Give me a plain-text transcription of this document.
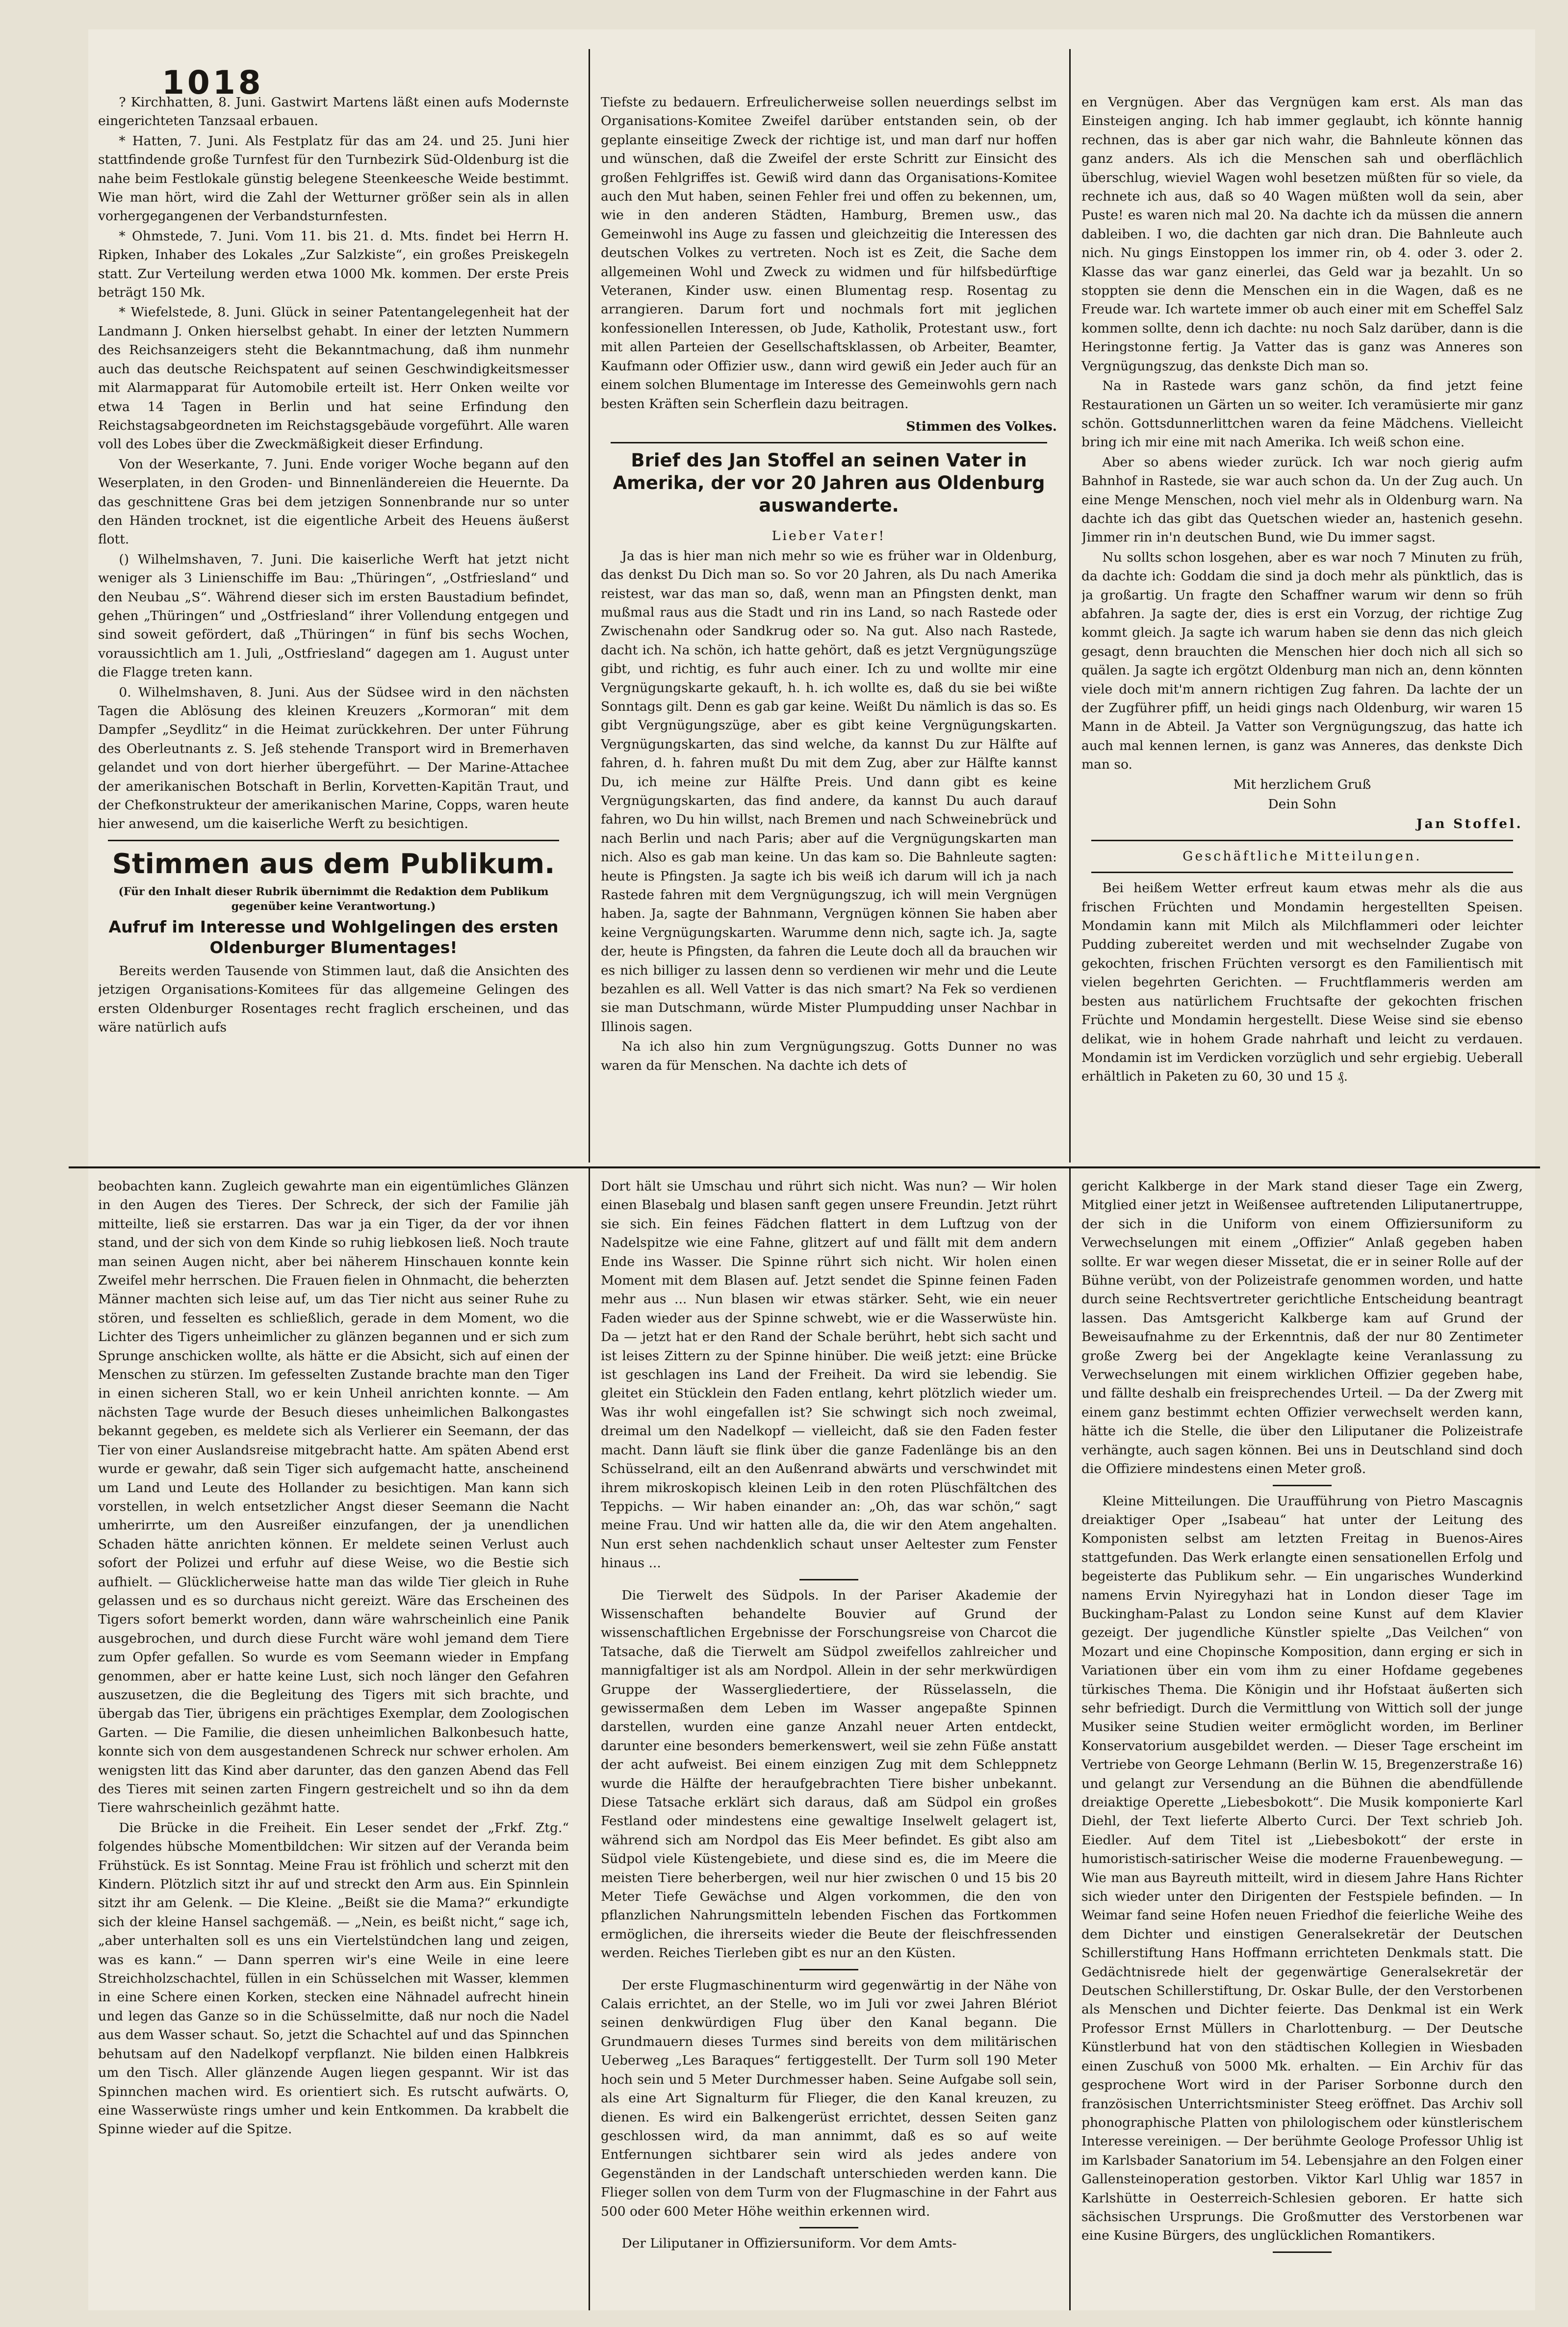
1018

? Kirchhatten, 8. Juni. Gastwirt Martens läßt einen aufs Modernste eingerichteten Tanzsaal erbauen.

* Hatten, 7. Juni. Als Festplatz für das am 24. und 25. Juni hier stattfindende große Turnfest für den Turnbezirk Süd-Oldenburg ist die nahe beim Festlokale günstig belegene Steenkeesche Weide bestimmt. Wie man hört, wird die Zahl der Wetturner größer sein als in allen vorhergegangenen der Verbandsturnfesten.

* Ohmstede, 7. Juni. Vom 11. bis 21. d. Mts. findet bei Herrn H. Ripken, Inhaber des Lokales „Zur Salzkiste“, ein großes Preiskegeln statt. Zur Verteilung werden etwa 1000 Mk. kommen. Der erste Preis beträgt 150 Mk.

* Wiefelstede, 8. Juni. Glück in seiner Patentangelegenheit hat der Landmann J. Onken hierselbst gehabt. In einer der letzten Nummern des Reichsanzeigers steht die Bekanntmachung, daß ihm nunmehr auch das deutsche Reichspatent auf seinen Geschwindigkeitsmesser mit Alarmapparat für Automobile erteilt ist. Herr Onken weilte vor etwa 14 Tagen in Berlin und hat seine Erfindung den Reichstagsabgeordneten im Reichstagsgebäude vorgeführt. Alle waren voll des Lobes über die Zweckmäßigkeit dieser Erfindung.

Von der Weserkante, 7. Juni. Ende voriger Woche begann auf den Weserplaten, in den Groden- und Binnenländereien die Heuernte. Da das geschnittene Gras bei dem jetzigen Sonnenbrande nur so unter den Händen trocknet, ist die eigentliche Arbeit des Heuens äußerst flott.

() Wilhelmshaven, 7. Juni. Die kaiserliche Werft hat jetzt nicht weniger als 3 Linienschiffe im Bau: „Thüringen“, „Ostfriesland“ und den Neubau „S“. Während dieser sich im ersten Baustadium befindet, gehen „Thüringen“ und „Ostfriesland“ ihrer Vollendung entgegen und sind soweit gefördert, daß „Thüringen“ in fünf bis sechs Wochen, voraussichtlich am 1. Juli, „Ostfriesland“ dagegen am 1. August unter die Flagge treten kann.

0. Wilhelmshaven, 8. Juni. Aus der Südsee wird in den nächsten Tagen die Ablösung des kleinen Kreuzers „Kormoran“ mit dem Dampfer „Seydlitz“ in die Heimat zurückkehren. Der unter Führung des Oberleutnants z. S. Jeß stehende Transport wird in Bremerhaven gelandet und von dort hierher übergeführt. — Der Marine-Attachee der amerikanischen Botschaft in Berlin, Korvetten-Kapitän Traut, und der Chefkonstrukteur der amerikanischen Marine, Copps, waren heute hier anwesend, um die kaiserliche Werft zu besichtigen.

Stimmen aus dem Publikum.
(Für den Inhalt dieser Rubrik übernimmt die Redaktion dem Publikum gegenüber keine Verantwortung.)
Aufruf im Interesse und Wohlgelingen des ersten Oldenburger Blumentages!

Bereits werden Tausende von Stimmen laut, daß die Ansichten des jetzigen Organisations-Komitees für das allgemeine Gelingen des ersten Oldenburger Rosentages recht fraglich erscheinen, und das wäre natürlich aufs

Tiefste zu bedauern. Erfreulicherweise sollen neuerdings selbst im Organisations-Komitee Zweifel darüber entstanden sein, ob der geplante einseitige Zweck der richtige ist, und man darf nur hoffen und wünschen, daß die Zweifel der erste Schritt zur Einsicht des großen Fehlgriffes ist. Gewiß wird dann das Organisations-Komitee auch den Mut haben, seinen Fehler frei und offen zu bekennen, um, wie in den anderen Städten, Hamburg, Bremen usw., das Gemeinwohl ins Auge zu fassen und gleichzeitig die Interessen des deutschen Volkes zu vertreten. Noch ist es Zeit, die Sache dem allgemeinen Wohl und Zweck zu widmen und für hilfsbedürftige Veteranen, Kinder usw. einen Blumentag resp. Rosentag zu arrangieren. Darum fort und nochmals fort mit jeglichen konfessionellen Interessen, ob Jude, Katholik, Protestant usw., fort mit allen Parteien der Gesellschaftsklassen, ob Arbeiter, Beamter, Kaufmann oder Offizier usw., dann wird gewiß ein Jeder auch für an einem solchen Blumentage im Interesse des Gemeinwohls gern nach besten Kräften sein Scherflein dazu beitragen.

Stimmen des Volkes.
Brief des Jan Stoffel an seinen Vater in Amerika, der vor 20 Jahren aus Oldenburg auswanderte.

Lieber Vater!

Ja das is hier man nich mehr so wie es früher war in Oldenburg, das denkst Du Dich man so. So vor 20 Jahren, als Du nach Amerika reistest, war das man so, daß, wenn man an Pfingsten denkt, man mußmal raus aus die Stadt und rin ins Land, so nach Rastede oder Zwischenahn oder Sandkrug oder so. Na gut. Also nach Rastede, dacht ich. Na schön, ich hatte gehört, daß es jetzt Vergnügungszüge gibt, und richtig, es fuhr auch einer. Ich zu und wollte mir eine Vergnügungskarte gekauft, h. h. ich wollte es, daß du sie bei wißte Sonntags gilt. Denn es gab gar keine. Weißt Du nämlich is das so. Es gibt Vergnügungszüge, aber es gibt keine Vergnügungskarten. Vergnügungskarten, das sind welche, da kannst Du zur Hälfte auf fahren, d. h. fahren mußt Du mit dem Zug, aber zur Hälfte kannst Du, ich meine zur Hälfte Preis. Und dann gibt es keine Vergnügungskarten, das find andere, da kannst Du auch darauf fahren, wo Du hin willst, nach Bremen und nach Schweinebrück und nach Berlin und nach Paris; aber auf die Vergnügungskarten man nich. Also es gab man keine. Un das kam so. Die Bahnleute sagten: heute is Pfingsten. Ja sagte ich bis weiß ich darum will ich ja nach Rastede fahren mit dem Vergnügungszug, ich will mein Vergnügen haben. Ja, sagte der Bahnmann, Vergnügen können Sie haben aber keine Vergnügungskarten. Warumme denn nich, sagte ich. Ja, sagte der, heute is Pfingsten, da fahren die Leute doch all da brauchen wir es nich billiger zu lassen denn so verdienen wir mehr und die Leute bezahlen es all. Well Vatter is das nich smart? Na Fek so verdienen sie man Dutschmann, würde Mister Plumpudding unser Nachbar in Illinois sagen.

Na ich also hin zum Vergnügungszug. Gotts Dunner no was waren da für Menschen. Na dachte ich dets of

en Vergnügen. Aber das Vergnügen kam erst. Als man das Einsteigen anging. Ich hab immer geglaubt, ich könnte hannig rechnen, das is aber gar nich wahr, die Bahnleute können das ganz anders. Als ich die Menschen sah und oberflächlich überschlug, wieviel Wagen wohl besetzen müßten für so viele, da rechnete ich aus, daß so 40 Wagen müßten woll da sein, aber Puste! es waren nich mal 20. Na dachte ich da müssen die annern dableiben. I wo, die dachten gar nich dran. Die Bahnleute auch nich. Nu gings Einstoppen los immer rin, ob 4. oder 3. oder 2. Klasse das war ganz einerlei, das Geld war ja bezahlt. Un so stoppten sie denn die Menschen ein in die Wagen, daß es ne Freude war. Ich wartete immer ob auch einer mit em Scheffel Salz kommen sollte, denn ich dachte: nu noch Salz darüber, dann is die Heringstonne fertig. Ja Vatter das is ganz was Anneres son Vergnügungszug, das denkste Dich man so.

Na in Rastede wars ganz schön, da find jetzt feine Restaurationen un Gärten un so weiter. Ich veramüsierte mir ganz schön. Gottsdunnerlittchen waren da feine Mädchens. Vielleicht bring ich mir eine mit nach Amerika. Ich weiß schon eine.

Aber so abens wieder zurück. Ich war noch gierig aufm Bahnhof in Rastede, sie war auch schon da. Un der Zug auch. Un eine Menge Menschen, noch viel mehr als in Oldenburg warn. Na dachte ich das gibt das Quetschen wieder an, hastenich gesehn. Jimmer rin in'n deutschen Bund, wie Du immer sagst.

Nu sollts schon losgehen, aber es war noch 7 Minuten zu früh, da dachte ich: Goddam die sind ja doch mehr als pünktlich, das is ja großartig. Un fragte den Schaffner warum wir denn so früh abfahren. Ja sagte der, dies is erst ein Vorzug, der richtige Zug kommt gleich. Ja sagte ich warum haben sie denn das nich gleich gesagt, denn brauchten die Menschen hier doch nich all sich so quälen. Ja sagte ich ergötzt Oldenburg man nich an, denn könnten viele doch mit'm annern richtigen Zug fahren. Da lachte der un der Zugführer pfiff, un heidi gings nach Oldenburg, wir waren 15 Mann in de Abteil. Ja Vatter son Vergnügungszug, das hatte ich auch mal kennen lernen, is ganz was Anneres, das denkste Dich man so.

Mit herzlichem Gruß

Dein Sohn

Jan Stoffel.

Geschäftliche Mitteilungen.

Bei heißem Wetter erfreut kaum etwas mehr als die aus frischen Früchten und Mondamin hergestellten Speisen. Mondamin kann mit Milch als Milchflammeri oder leichter Pudding zubereitet werden und mit wechselnder Zugabe von gekochten, frischen Früchten versorgt es den Familientisch mit vielen begehrten Gerichten. — Fruchtflammeris werden am besten aus natürlichem Fruchtsafte der gekochten frischen Früchte und Mondamin hergestellt. Diese Weise sind sie ebenso delikat, wie in hohem Grade nahrhaft und leicht zu verdauen. Mondamin ist im Verdicken vorzüglich und sehr ergiebig. Ueberall erhältlich in Paketen zu 60, 30 und 15 ₰.

beobachten kann. Zugleich gewahrte man ein eigentümliches Glänzen in den Augen des Tieres. Der Schreck, der sich der Familie jäh mitteilte, ließ sie erstarren. Das war ja ein Tiger, da der vor ihnen stand, und der sich von dem Kinde so ruhig liebkosen ließ. Noch traute man seinen Augen nicht, aber bei näherem Hinschauen konnte kein Zweifel mehr herrschen. Die Frauen fielen in Ohnmacht, die beherzten Männer machten sich leise auf, um das Tier nicht aus seiner Ruhe zu stören, und fesselten es schließlich, gerade in dem Moment, wo die Lichter des Tigers unheimlicher zu glänzen begannen und er sich zum Sprunge anschicken wollte, als hätte er die Absicht, sich auf einen der Menschen zu stürzen. Im gefesselten Zustande brachte man den Tiger in einen sicheren Stall, wo er kein Unheil anrichten konnte. — Am nächsten Tage wurde der Besuch dieses unheimlichen Balkongastes bekannt gegeben, es meldete sich als Verlierer ein Seemann, der das Tier von einer Auslandsreise mitgebracht hatte. Am späten Abend erst wurde er gewahr, daß sein Tiger sich aufgemacht hatte, anscheinend um Land und Leute des Hollander zu besichtigen. Man kann sich vorstellen, in welch entsetzlicher Angst dieser Seemann die Nacht umherirrte, um den Ausreißer einzufangen, der ja unendlichen Schaden hätte anrichten können. Er meldete seinen Verlust auch sofort der Polizei und erfuhr auf diese Weise, wo die Bestie sich aufhielt. — Glücklicherweise hatte man das wilde Tier gleich in Ruhe gelassen und es so durchaus nicht gereizt. Wäre das Erscheinen des Tigers sofort bemerkt worden, dann wäre wahrscheinlich eine Panik ausgebrochen, und durch diese Furcht wäre wohl jemand dem Tiere zum Opfer gefallen. So wurde es vom Seemann wieder in Empfang genommen, aber er hatte keine Lust, sich noch länger den Gefahren auszusetzen, die die Begleitung des Tigers mit sich brachte, und übergab das Tier, übrigens ein prächtiges Exemplar, dem Zoologischen Garten. — Die Familie, die diesen unheimlichen Balkonbesuch hatte, konnte sich von dem ausgestandenen Schreck nur schwer erholen. Am wenigsten litt das Kind aber darunter, das den ganzen Abend das Fell des Tieres mit seinen zarten Fingern gestreichelt und so ihn da dem Tiere wahrscheinlich gezähmt hatte.

Die Brücke in die Freiheit. Ein Leser sendet der „Frkf. Ztg.“ folgendes hübsche Momentbildchen: Wir sitzen auf der Veranda beim Frühstück. Es ist Sonntag. Meine Frau ist fröhlich und scherzt mit den Kindern. Plötzlich sitzt ihr auf und streckt den Arm aus. Ein Spinnlein sitzt ihr am Gelenk. — Die Kleine. „Beißt sie die Mama?“ erkundigte sich der kleine Hansel sachgemäß. — „Nein, es beißt nicht,“ sage ich, „aber unterhalten soll es uns ein Viertelstündchen lang und zeigen, was es kann.“ — Dann sperren wir's eine Weile in eine leere Streichholzschachtel, füllen in ein Schüsselchen mit Wasser, klemmen in eine Schere einen Korken, stecken eine Nähnadel aufrecht hinein und legen das Ganze so in die Schüsselmitte, daß nur noch die Nadel aus dem Wasser schaut. So, jetzt die Schachtel auf und das Spinnchen behutsam auf den Nadelkopf verpflanzt. Nie bilden einen Halbkreis um den Tisch. Aller glänzende Augen liegen gespannt. Wir ist das Spinnchen machen wird. Es orientiert sich. Es rutscht aufwärts. O, eine Wasserwüste rings umher und kein Entkommen. Da krabbelt die Spinne wieder auf die Spitze.

Dort hält sie Umschau und rührt sich nicht. Was nun? — Wir holen einen Blasebalg und blasen sanft gegen unsere Freundin. Jetzt rührt sie sich. Ein feines Fädchen flattert in dem Luftzug von der Nadelspitze wie eine Fahne, glitzert auf und fällt mit dem andern Ende ins Wasser. Die Spinne rührt sich nicht. Wir holen einen Moment mit dem Blasen auf. Jetzt sendet die Spinne feinen Faden mehr aus ... Nun blasen wir etwas stärker. Seht, wie ein neuer Faden wieder aus der Spinne schwebt, wie er die Wasserwüste hin. Da — jetzt hat er den Rand der Schale berührt, hebt sich sacht und ist leises Zittern zu der Spinne hinüber. Die weiß jetzt: eine Brücke ist geschlagen ins Land der Freiheit. Da wird sie lebendig. Sie gleitet ein Stücklein den Faden entlang, kehrt plötzlich wieder um. Was ihr wohl eingefallen ist? Sie schwingt sich noch zweimal, dreimal um den Nadelkopf — vielleicht, daß sie den Faden fester macht. Dann läuft sie flink über die ganze Fadenlänge bis an den Schüsselrand, eilt an den Außenrand abwärts und verschwindet mit ihrem mikroskopisch kleinen Leib in den roten Plüschfältchen des Teppichs. — Wir haben einander an: „Oh, das war schön,“ sagt meine Frau. Und wir hatten alle da, die wir den Atem angehalten. Nun erst sehen nachdenklich schaut unser Aeltester zum Fenster hinaus ...

Die Tierwelt des Südpols. In der Pariser Akademie der Wissenschaften behandelte Bouvier auf Grund der wissenschaftlichen Ergebnisse der Forschungsreise von Charcot die Tatsache, daß die Tierwelt am Südpol zweifellos zahlreicher und mannigfaltiger ist als am Nordpol. Allein in der sehr merkwürdigen Gruppe der Wassergliedertiere, der Rüsselasseln, die gewissermaßen dem Leben im Wasser angepaßte Spinnen darstellen, wurden eine ganze Anzahl neuer Arten entdeckt, darunter eine besonders bemerkenswert, weil sie zehn Füße anstatt der acht aufweist. Bei einem einzigen Zug mit dem Schleppnetz wurde die Hälfte der heraufgebrachten Tiere bisher unbekannt. Diese Tatsache erklärt sich daraus, daß am Südpol ein großes Festland oder mindestens eine gewaltige Inselwelt gelagert ist, während sich am Nordpol das Eis Meer befindet. Es gibt also am Südpol viele Küstengebiete, und diese sind es, die im Meere die meisten Tiere beherbergen, weil nur hier zwischen 0 und 15 bis 20 Meter Tiefe Gewächse und Algen vorkommen, die den von pflanzlichen Nahrungsmitteln lebenden Fischen das Fortkommen ermöglichen, die ihrerseits wieder die Beute der fleischfressenden werden. Reiches Tierleben gibt es nur an den Küsten.

Der erste Flugmaschinenturm wird gegenwärtig in der Nähe von Calais errichtet, an der Stelle, wo im Juli vor zwei Jahren Blériot seinen denkwürdigen Flug über den Kanal begann. Die Grundmauern dieses Turmes sind bereits von dem militärischen Ueberweg „Les Baraques“ fertiggestellt. Der Turm soll 190 Meter hoch sein und 5 Meter Durchmesser haben. Seine Aufgabe soll sein, als eine Art Signalturm für Flieger, die den Kanal kreuzen, zu dienen. Es wird ein Balkengerüst errichtet, dessen Seiten ganz geschlossen wird, da man annimmt, daß es so auf weite Entfernungen sichtbarer sein wird als jedes andere von Gegenständen in der Landschaft unterschieden werden kann. Die Flieger sollen von dem Turm von der Flugmaschine in der Fahrt aus 500 oder 600 Meter Höhe weithin erkennen wird.

Der Liliputaner in Offiziersuniform. Vor dem Amts-

gericht Kalkberge in der Mark stand dieser Tage ein Zwerg, Mitglied einer jetzt in Weißensee auftretenden Liliputanertruppe, der sich in die Uniform von einem Offiziersuniform zu Verwechselungen mit einem „Offizier“ Anlaß gegeben haben sollte. Er war wegen dieser Missetat, die er in seiner Rolle auf der Bühne verübt, von der Polizeistrafe genommen worden, und hatte durch seine Rechtsvertreter gerichtliche Entscheidung beantragt lassen. Das Amtsgericht Kalkberge kam auf Grund der Beweisaufnahme zu der Erkenntnis, daß der nur 80 Zentimeter große Zwerg bei der Angeklagte keine Veranlassung zu Verwechselungen mit einem wirklichen Offizier gegeben habe, und fällte deshalb ein freisprechendes Urteil. — Da der Zwerg mit einem ganz bestimmt echten Offizier verwechselt werden kann, hätte ich die Stelle, die über den Liliputaner die Polizeistrafe verhängte, auch sagen können. Bei uns in Deutschland sind doch die Offiziere mindestens einen Meter groß.

Kleine Mitteilungen. Die Uraufführung von Pietro Mascagnis dreiaktiger Oper „Isabeau“ hat unter der Leitung des Komponisten selbst am letzten Freitag in Buenos-Aires stattgefunden. Das Werk erlangte einen sensationellen Erfolg und begeisterte das Publikum sehr. — Ein ungarisches Wunderkind namens Ervin Nyiregyhazi hat in London dieser Tage im Buckingham-Palast zu London seine Kunst auf dem Klavier gezeigt. Der jugendliche Künstler spielte „Das Veilchen“ von Mozart und eine Chopinsche Komposition, dann erging er sich in Variationen über ein vom ihm zu einer Hofdame gegebenes türkisches Thema. Die Königin und ihr Hofstaat äußerten sich sehr befriedigt. Durch die Vermittlung von Wittich soll der junge Musiker seine Studien weiter ermöglicht worden, im Berliner Konservatorium ausgebildet werden. — Dieser Tage erscheint im Vertriebe von George Lehmann (Berlin W. 15, Bregenzerstraße 16) und gelangt zur Versendung an die Bühnen die abendfüllende dreiaktige Operette „Liebesbokott“. Die Musik komponierte Karl Diehl, der Text lieferte Alberto Curci. Der Text schrieb Joh. Eiedler. Auf dem Titel ist „Liebesbokott“ der erste in humoristisch-satirischer Weise die moderne Frauenbewegung. — Wie man aus Bayreuth mitteilt, wird in diesem Jahre Hans Richter sich wieder unter den Dirigenten der Festspiele befinden. — In Weimar fand seine Hofen neuen Friedhof die feierliche Weihe des dem Dichter und einstigen Generalsekretär der Deutschen Schillerstiftung Hans Hoffmann errichteten Denkmals statt. Die Gedächtnisrede hielt der gegenwärtige Generalsekretär der Deutschen Schillerstiftung, Dr. Oskar Bulle, der den Verstorbenen als Menschen und Dichter feierte. Das Denkmal ist ein Werk Professor Ernst Müllers in Charlottenburg. — Der Deutsche Künstlerbund hat von den städtischen Kollegien in Wiesbaden einen Zuschuß von 5000 Mk. erhalten. — Ein Archiv für das gesprochene Wort wird in der Pariser Sorbonne durch den französischen Unterrichtsminister Steeg eröffnet. Das Archiv soll phonographische Platten von philologischem oder künstlerischem Interesse vereinigen. — Der berühmte Geologe Professor Uhlig ist im Karlsbader Sanatorium im 54. Lebensjahre an den Folgen einer Gallensteinoperation gestorben. Viktor Karl Uhlig war 1857 in Karlshütte in Oesterreich-Schlesien geboren. Er hatte sich sächsischen Ursprungs. Die Großmutter des Verstorbenen war eine Kusine Bürgers, des unglücklichen Romantikers.
